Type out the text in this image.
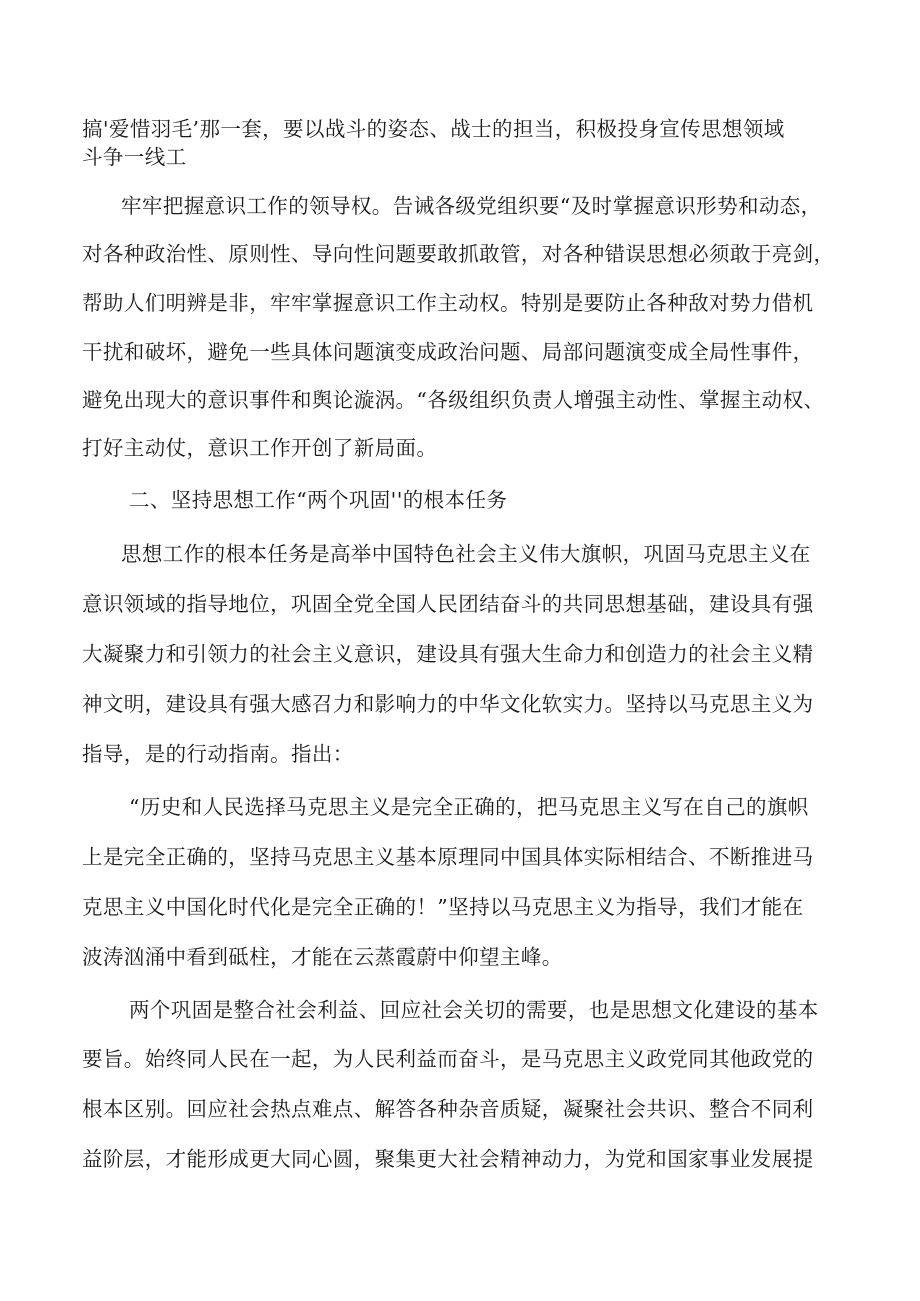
搞'爱惜羽毛’那一套，要以战斗的姿态、战士的担当，积极投身宣传思想领域

斗争一线工

牢牢把握意识工作的领导权。告诫各级党组织要“及时掌握意识形势和动态，

对各种政治性、原则性、导向性问题要敢抓敢管，对各种错误思想必须敢于亮剑，

帮助人们明辨是非，牢牢掌握意识工作主动权。特别是要防止各种敌对势力借机

干扰和破坏，避免一些具体问题演变成政治问题、局部问题演变成全局性事件，

避免出现大的意识事件和舆论漩涡。“各级组织负责人增强主动性、掌握主动权、

打好主动仗，意识工作开创了新局面。

二、坚持思想工作“两个巩固''的根本任务

思想工作的根本任务是高举中国特色社会主义伟大旗帜，巩固马克思主义在

意识领域的指导地位，巩固全党全国人民团结奋斗的共同思想基础，建设具有强

大凝聚力和引领力的社会主义意识，建设具有强大生命力和创造力的社会主义精

神文明，建设具有强大感召力和影响力的中华文化软实力。坚持以马克思主义为

指导，是的行动指南。指出：

“历史和人民选择马克思主义是完全正确的，把马克思主义写在自己的旗帜

上是完全正确的，坚持马克思主义基本原理同中国具体实际相结合、不断推进马

克思主义中国化时代化是完全正确的！”坚持以马克思主义为指导，我们才能在

波涛汹涌中看到砥柱，才能在云蒸霞蔚中仰望主峰。

两个巩固是整合社会利益、回应社会关切的需要，也是思想文化建设的基本

要旨。始终同人民在一起，为人民利益而奋斗，是马克思主义政党同其他政党的

根本区别。回应社会热点难点、解答各种杂音质疑，凝聚社会共识、整合不同利

益阶层，才能形成更大同心圆，聚集更大社会精神动力，为党和国家事业发展提
